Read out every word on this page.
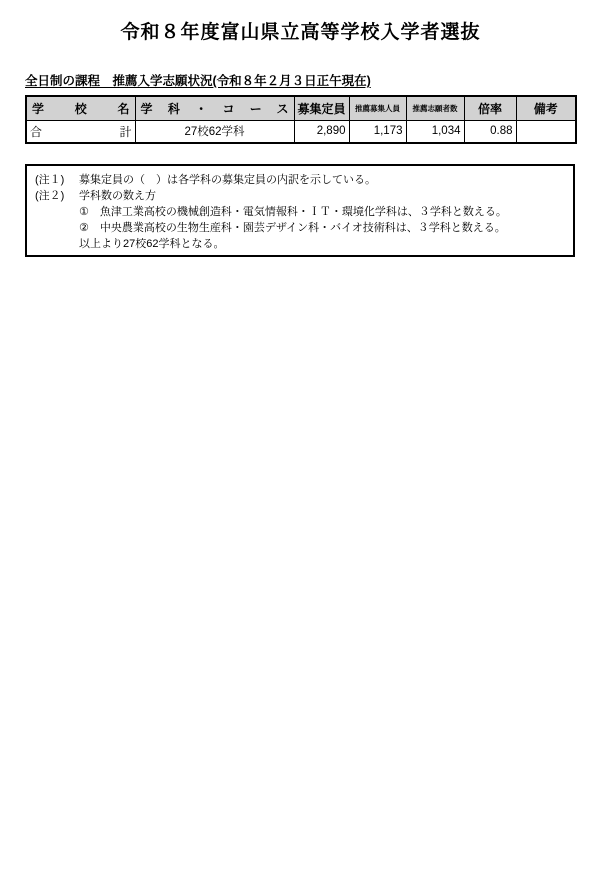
令和８年度富山県立高等学校入学者選抜
全日制の課程　推薦入学志願状況(令和８年２月３日正午現在)
学校名	学科・コース	募集定員	推薦募集人員	推薦志願者数	倍率	備考
合計	27校62学科	2,890	1,173	1,034	0.88	
(注１) 募集定員の（　）は各学科の募集定員の内訳を示している。
(注２) 学科数の数え方
①　魚津工業高校の機械創造科・電気情報科・ＩＴ・環境化学科は、３学科と数える。
②　中央農業高校の生物生産科・園芸デザイン科・バイオ技術科は、３学科と数える。
以上より27校62学科となる。
